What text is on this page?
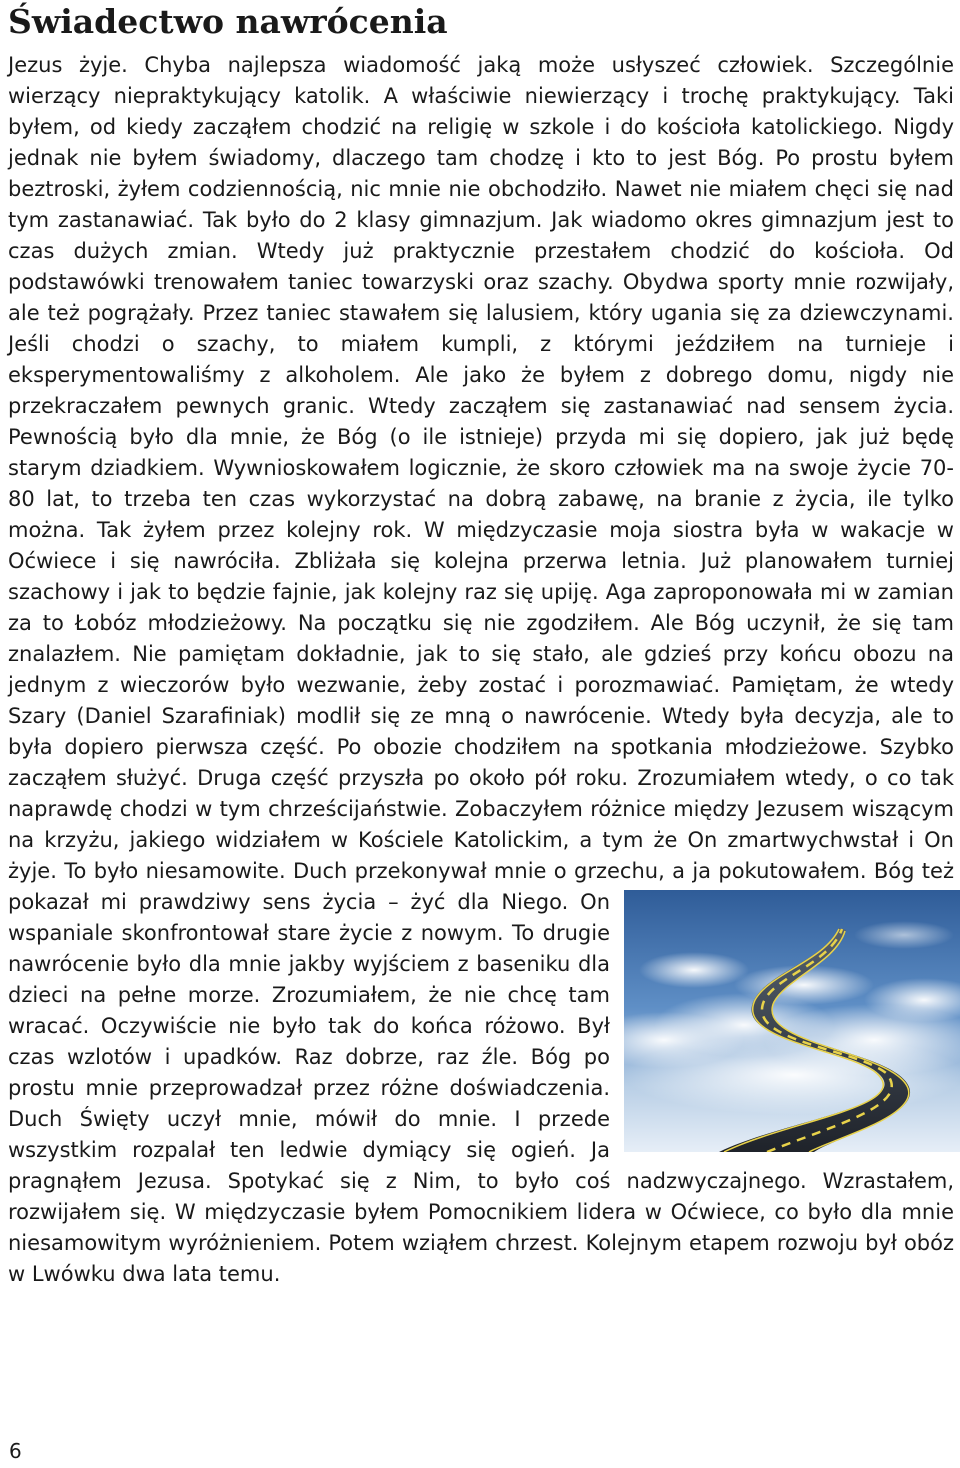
Świadectwo nawrócenia
Jezus żyje. Chyba najlepsza wiadomość jaką może usłyszeć człowiek. Szczególnie wierzący niepraktykujący katolik. A właściwie niewierzący i trochę praktykujący. Taki byłem, od kiedy zacząłem chodzić na religię w szkole i do kościoła katolickiego. Nigdy jednak nie byłem świadomy, dlaczego tam chodzę i kto to jest Bóg. Po prostu byłem beztroski, żyłem codziennością, nic mnie nie obchodziło. Nawet nie miałem chęci się nad tym zastanawiać. Tak było do 2 klasy gimnazjum. Jak wiadomo okres gimnazjum jest to czas dużych zmian. Wtedy już praktycznie przestałem chodzić do kościoła. Od podstawówki trenowałem taniec towarzyski oraz szachy. Obydwa sporty mnie rozwijały, ale też pogrążały. Przez taniec stawałem się lalusiem, który ugania się za dziewczynami. Jeśli chodzi o szachy, to miałem kumpli, z którymi jeździłem na turnieje i eksperymentowaliśmy z alkoholem. Ale jako że byłem z dobrego domu, nigdy nie przekraczałem pewnych granic. Wtedy zacząłem się zastanawiać nad sensem życia. Pewnością było dla mnie, że Bóg (o ile istnieje) przyda mi się dopiero, jak już będę starym dziadkiem. Wywnioskowałem logicznie, że skoro człowiek ma na swoje życie 70-80 lat, to trzeba ten czas wykorzystać na dobrą zabawę, na branie z życia, ile tylko można. Tak żyłem przez kolejny rok. W międzyczasie moja siostra była w wakacje w Oćwiece i się nawróciła. Zbliżała się kolejna przerwa letnia. Już planowałem turniej szachowy i jak to będzie fajnie, jak kolejny raz się upiję. Aga zaproponowała mi w zamian za to Łobóz młodzieżowy. Na początku się nie zgodziłem. Ale Bóg uczynił, że się tam znalazłem. Nie pamiętam dokładnie, jak to się stało, ale gdzieś przy końcu obozu na jednym z wieczorów było wezwanie, żeby zostać i porozmawiać. Pamiętam, że wtedy Szary (Daniel Szarafiniak) modlił się ze mną o nawrócenie. Wtedy była decyzja, ale to była dopiero pierwsza część. Po obozie chodziłem na spotkania młodzieżowe. Szybko zacząłem służyć. Druga część przyszła po około pół roku. Zrozumiałem wtedy, o co tak naprawdę chodzi w tym chrześcijaństwie. Zobaczyłem różnice między Jezusem wiszącym na krzyżu, jakiego widziałem w Kościele Katolickim, a tym że On zmartwychwstał i On żyje. To było niesamowite. Duch przekonywał mnie o grzechu, a ja pokutowałem. Bóg też pokazał mi prawdziwy sens życia – żyć dla Niego. On wspaniale skonfrontował stare życie z nowym. To drugie nawrócenie było dla mnie jakby wyjściem z baseniku dla dzieci na pełne morze. Zrozumiałem, że nie chcę tam wracać. Oczywiście nie było tak do końca różowo. Był czas wzlotów i upadków. Raz dobrze, raz źle. Bóg po prostu mnie przeprowadzał przez różne doświadczenia. Duch Święty uczył mnie, mówił do mnie. I przede wszystkim rozpalał ten ledwie dymiący się ogień. Ja pragnąłem Jezusa. Spotykać się z Nim, to było coś nadzwyczajnego. Wzrastałem, rozwijałem się. W międzyczasie byłem Pomocnikiem lidera w Oćwiece, co było dla mnie niesamowitym wyróżnieniem. Potem wziąłem chrzest. Kolejnym etapem rozwoju był obóz w Lwówku dwa lata temu.
6
